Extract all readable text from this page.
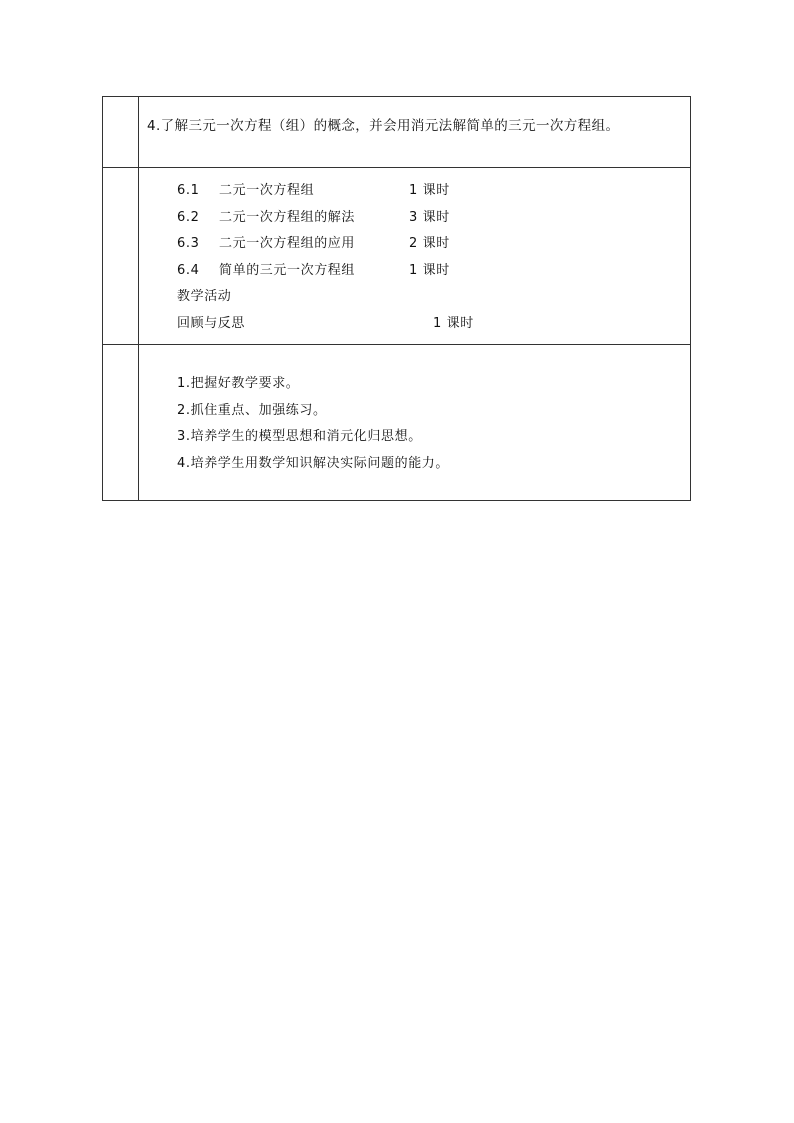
4.了解三元一次方程（组）的概念，并会用消元法解简单的三元一次方程组。
6.1 二元一次方程组	1 课时
6.2 二元一次方程组的解法	3 课时
6.3 二元一次方程组的应用	2 课时
6.4 简单的三元一次方程组	1 课时
教学活动
回顾与反思	1 课时
1.把握好教学要求。
2.抓住重点、加强练习。
3.培养学生的模型思想和消元化归思想。
4.培养学生用数学知识解决实际问题的能力。
